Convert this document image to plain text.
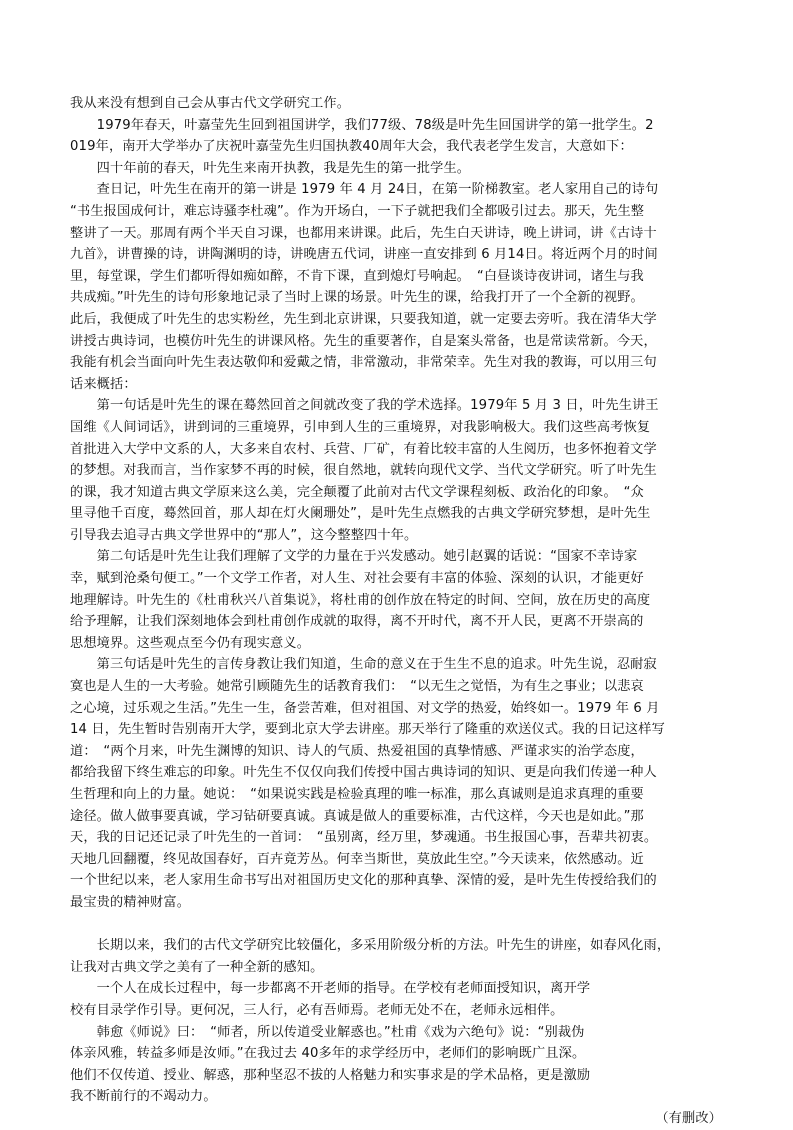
我从来没有想到自己会从事古代文学研究工作。

　　1979年春天，叶嘉莹先生回到祖国讲学，我们77级、78级是叶先生回国讲学的第一批学生。2

019年，南开大学举办了庆祝叶嘉莹先生归国执教40周年大会，我代表老学生发言，大意如下：

　　四十年前的春天，叶先生来南开执教，我是先生的第一批学生。

　　查日记，叶先生在南开的第一讲是 1979 年 4 月 24日，在第一阶梯教室。老人家用自己的诗句

“书生报国成何计，难忘诗骚李杜魂”。作为开场白，一下子就把我们全都吸引过去。那天，先生整

整讲了一天。那周有两个半天自习课，也都用来讲课。此后，先生白天讲诗，晚上讲词，讲《古诗十

九首》，讲曹操的诗，讲陶渊明的诗，讲晚唐五代词，讲座一直安排到 6 月14日。将近两个月的时间

里，每堂课，学生们都听得如痴如醉，不肯下课，直到熄灯号响起。　“白昼谈诗夜讲词，诸生与我

共成痴。”叶先生的诗句形象地记录了当时上课的场景。叶先生的课，给我打开了一个全新的视野。

此后，我便成了叶先生的忠实粉丝，先生到北京讲课，只要我知道，就一定要去旁听。我在清华大学

讲授古典诗词，也模仿叶先生的讲课风格。先生的重要著作，自是案头常备，也是常读常新。今天，

我能有机会当面向叶先生表达敬仰和爱戴之情，非常激动，非常荣幸。先生对我的教诲，可以用三句

话来概括：

　　第一句话是叶先生的课在蓦然回首之间就改变了我的学术选择。1979年 5 月 3 日，叶先生讲王

国维《人间词话》，讲到词的三重境界，引申到人生的三重境界，对我影响极大。我们这些高考恢复

首批进入大学中文系的人，大多来自农村、兵营、厂矿，有着比较丰富的人生阅历，也多怀抱着文学

的梦想。对我而言，当作家梦不再的时候，很自然地，就转向现代文学、当代文学研究。听了叶先生

的课，我才知道古典文学原来这么美，完全颠覆了此前对古代文学课程刻板、政治化的印象。　“众

里寻他千百度，蓦然回首，那人却在灯火阑珊处”，是叶先生点燃我的古典文学研究梦想，是叶先生

引导我去追寻古典文学世界中的“那人”，这今整整四十年。

　　第二句话是叶先生让我们理解了文学的力量在于兴发感动。她引赵翼的话说：“国家不幸诗家

幸，赋到沧桑句便工。”一个文学工作者，对人生、对社会要有丰富的体验、深刻的认识，才能更好

地理解诗。叶先生的《杜甫秋兴八首集说》，将杜甫的创作放在特定的时间、空间，放在历史的高度

给予理解，让我们深刻地体会到杜甫创作成就的取得，离不开时代，离不开人民，更离不开崇高的

思想境界。这些观点至今仍有现实意义。

　　第三句话是叶先生的言传身教让我们知道，生命的意义在于生生不息的追求。叶先生说，忍耐寂

寞也是人生的一大考验。她常引顾随先生的话教育我们：　“以无生之觉悟，为有生之事业；以悲哀

之心境，过乐观之生活。”先生一生，备尝苦难，但对祖国、对文学的热爱，始终如一。1979 年 6 月

14 日，先生暂时告别南开大学，要到北京大学去讲座。那天举行了隆重的欢送仪式。我的日记这样写

道：　“两个月来，叶先生渊博的知识、诗人的气质、热爱祖国的真挚情感、严谨求实的治学态度，

都给我留下终生难忘的印象。叶先生不仅仅向我们传授中国古典诗词的知识、更是向我们传递一种人

生哲理和向上的力量。她说：　“如果说实践是检验真理的唯一标准，那么真诚则是追求真理的重要

途径。做人做事要真诚，学习钻研要真诚。真诚是做人的重要标准，古代这样，今天也是如此。”那

天，我的日记还记录了叶先生的一首词：　“虽别离，经万里，梦魂通。书生报国心事，吾辈共初衷。

天地几回翻覆，终见故国春好，百卉竟芳丛。何幸当斯世，莫放此生空。”今天读来，依然感动。近

一个世纪以来，老人家用生命书写出对祖国历史文化的那种真挚、深情的爱，是叶先生传授给我们的

最宝贵的精神财富。

　　长期以来，我们的古代文学研究比较僵化，多采用阶级分析的方法。叶先生的讲座，如春风化雨，

让我对古典文学之美有了一种全新的感知。

　　一个人在成长过程中，每一步都离不开老师的指导。在学校有老师面授知识，离开学

校有目录学作引导。更何况，三人行，必有吾师焉。老师无处不在，老师永远相伴。

　　韩愈《师说》曰：　“师者，所以传道受业解惑也。”杜甫《戏为六绝句》说：“别裁伪

体亲风雅，转益多师是汝师。”在我过去 40多年的求学经历中，老师们的影响既广且深。

他们不仅传道、授业、解惑，那种坚忍不拔的人格魅力和实事求是的学术品格，更是激励

我不断前行的不竭动力。

（有删改）
